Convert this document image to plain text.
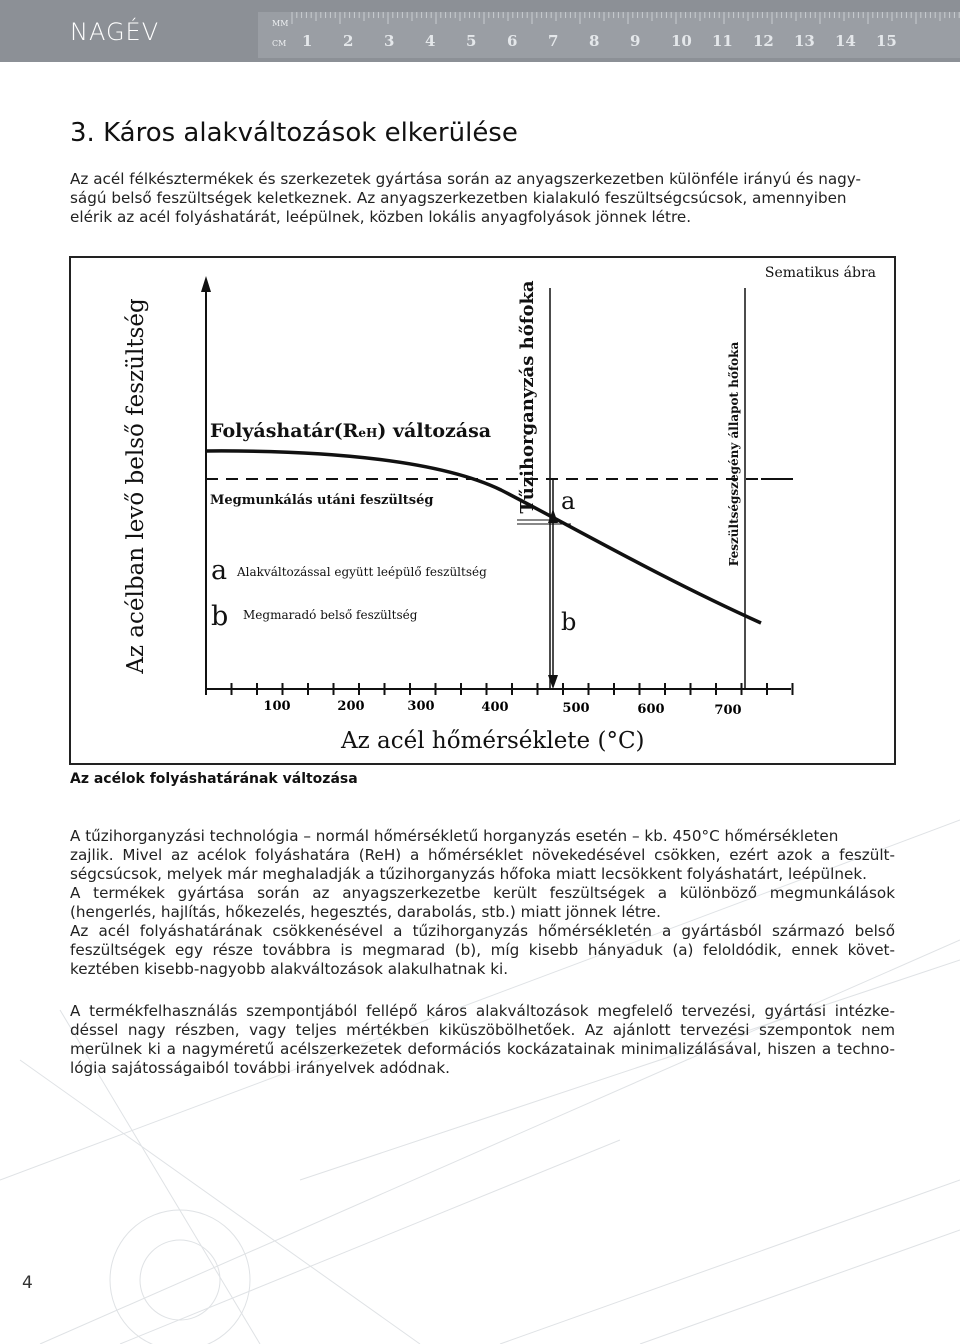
NAGÉV	MM
CM 1 2 3 4 5 6 7 8 9 10 11 12 13 14 15
3. Káros alakváltozások elkerülése
Az acél félkésztermékek és szerkezetek gyártása során az anyagszerkezetben különféle irányú és nagy-
ságú belső feszültségek keletkeznek. Az anyagszerkezetben kialakuló feszültségcsúcsok, amennyiben
elérik az acél folyáshatárát, leépülnek, közben lokális anyagfolyások jönnek létre.
Sematikus ábra
100	200	300	400	500	600	700
Az acél hőmérséklete (°C)
Az acélban levő belső feszültség	a
b
Folyáshatár(ReH) változása
Megmunkálás utáni feszültség	Tűzihorganyzás hőfoka	Feszültségszegény állapot hőfoka
a Alakváltozással együtt leépülő feszültség
b Megmaradó belső feszültség
Az acélok folyáshatárának változása
A tűzihorganyzási technológia – normál hőmérsékletű horganyzás esetén – kb. 450°C hőmérsékleten
zajlik. Mivel az acélok folyáshatára (ReH) a hőmérséklet növekedésével csökken, ezért azok a feszült-
ségcsúcsok, melyek már meghaladják a tűzihorganyzás hőfoka miatt lecsökkent folyáshatárt, leépülnek.
A termékek gyártása során az anyagszerkezetbe került feszültségek a különböző megmunkálások
(hengerlés, hajlítás, hőkezelés, hegesztés, darabolás, stb.) miatt jönnek létre.
Az acél folyáshatárának csökkenésével a tűzihorganyzás hőmérsékletén a gyártásból származó belső
feszültségek egy része továbbra is megmarad (b), míg kisebb hányaduk (a) feloldódik, ennek követ-
keztében kisebb-nagyobb alakváltozások alakulhatnak ki.
A termékfelhasználás szempontjából fellépő káros alakváltozások megfelelő tervezési, gyártási intézke-
déssel nagy részben, vagy teljes mértékben kiküszöbölhetőek. Az ajánlott tervezési szempontok nem
merülnek ki a nagyméretű acélszerkezetek deformációs kockázatainak minimalizálásával, hiszen a techno-
lógia sajátosságaiból további irányelvek adódnak.
4
